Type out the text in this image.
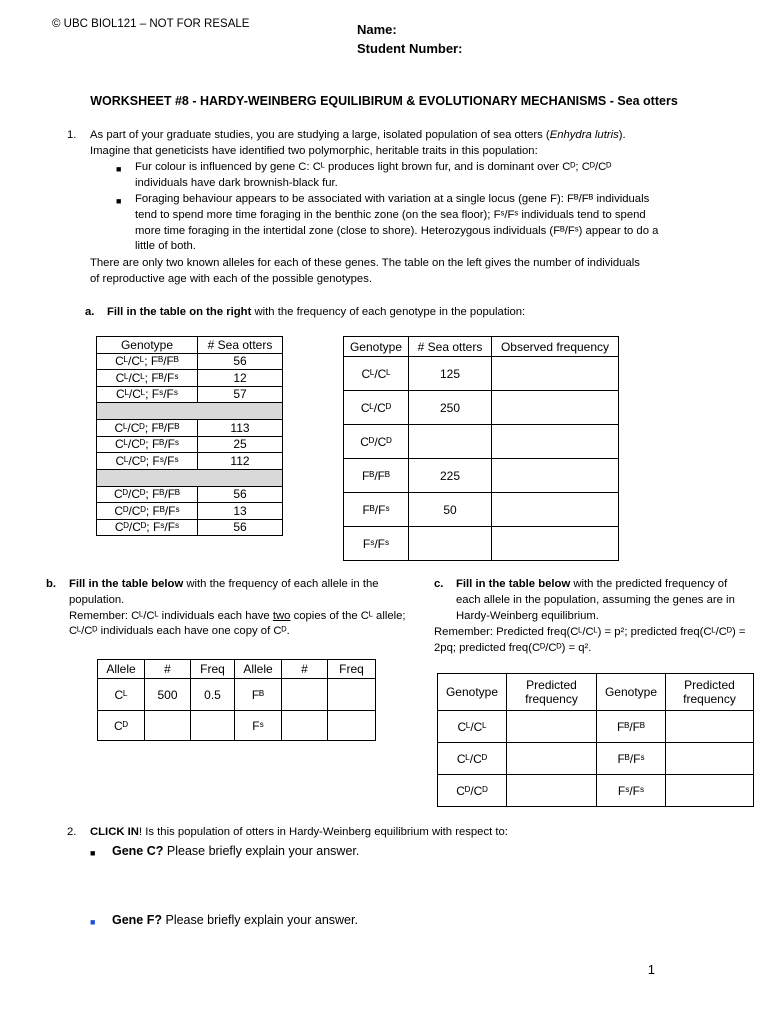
© UBC BIOL121 – NOT FOR RESALE	Name:
Student Number:
WORKSHEET #8 - HARDY-WEINBERG EQUILIBIRUM & EVOLUTIONARY MECHANISMS - Sea otters
1. As part of your graduate studies, you are studying a large, isolated population of sea otters (Enhydra lutris).
Imagine that geneticists have identified two polymorphic, heritable traits in this population:
■ Fur colour is influenced by gene C: Cᴸ produces light brown fur, and is dominant over Cᴰ; Cᴰ/Cᴰ individuals have dark brownish-black fur.
■ Foraging behaviour appears to be associated with variation at a single locus (gene F): Fᴮ/Fᴮ individuals tend to spend more time foraging in the benthic zone (on the sea floor); Fˢ/Fˢ individuals tend to spend more time foraging in the intertidal zone (close to shore). Heterozygous individuals (Fᴮ/Fˢ) appear to do a little of both.
There are only two known alleles for each of these genes. The table on the left gives the number of individuals
of reproductive age with each of the possible genotypes.
a. Fill in the table on the right with the frequency of each genotype in the population:
Genotype	# Sea otters
Cᴸ/Cᴸ; Fᴮ/Fᴮ	56
Cᴸ/Cᴸ; Fᴮ/Fˢ	12
Cᴸ/Cᴸ; Fˢ/Fˢ	57

Cᴸ/Cᴰ; Fᴮ/Fᴮ	113
Cᴸ/Cᴰ; Fᴮ/Fˢ	25
Cᴸ/Cᴰ; Fˢ/Fˢ	112

Cᴰ/Cᴰ; Fᴮ/Fᴮ	56
Cᴰ/Cᴰ; Fᴮ/Fˢ	13
Cᴰ/Cᴰ; Fˢ/Fˢ	56
Genotype	# Sea otters	Observed frequency
Cᴸ/Cᴸ	125	
Cᴸ/Cᴰ	250	
Cᴰ/Cᴰ		
Fᴮ/Fᴮ	225	
Fᴮ/Fˢ	50	
Fˢ/Fˢ		
b. Fill in the table below with the frequency of each allele in the
population.
Remember: Cᴸ/Cᴸ individuals each have two copies of the Cᴸ allele;
Cᴸ/Cᴰ individuals each have one copy of Cᴰ.
Allele	#	Freq	Allele	#	Freq
Cᴸ	500	0.5	Fᴮ		
Cᴰ			Fˢ		
c. Fill in the table below with the predicted frequency of
each allele in the population, assuming the genes are in
Hardy-Weinberg equilibrium.
Remember: Predicted freq(Cᴸ/Cᴸ) = p²; predicted freq(Cᴸ/Cᴰ) =
2pq; predicted freq(Cᴰ/Cᴰ) = q².
Genotype	Predicted frequency	Genotype	Predicted frequency
Cᴸ/Cᴸ		Fᴮ/Fᴮ	
Cᴸ/Cᴰ		Fᴮ/Fˢ	
Cᴰ/Cᴰ		Fˢ/Fˢ	
2. CLICK IN! Is this population of otters in Hardy-Weinberg equilibrium with respect to:
■ Gene C? Please briefly explain your answer.
■ Gene F? Please briefly explain your answer.
1
